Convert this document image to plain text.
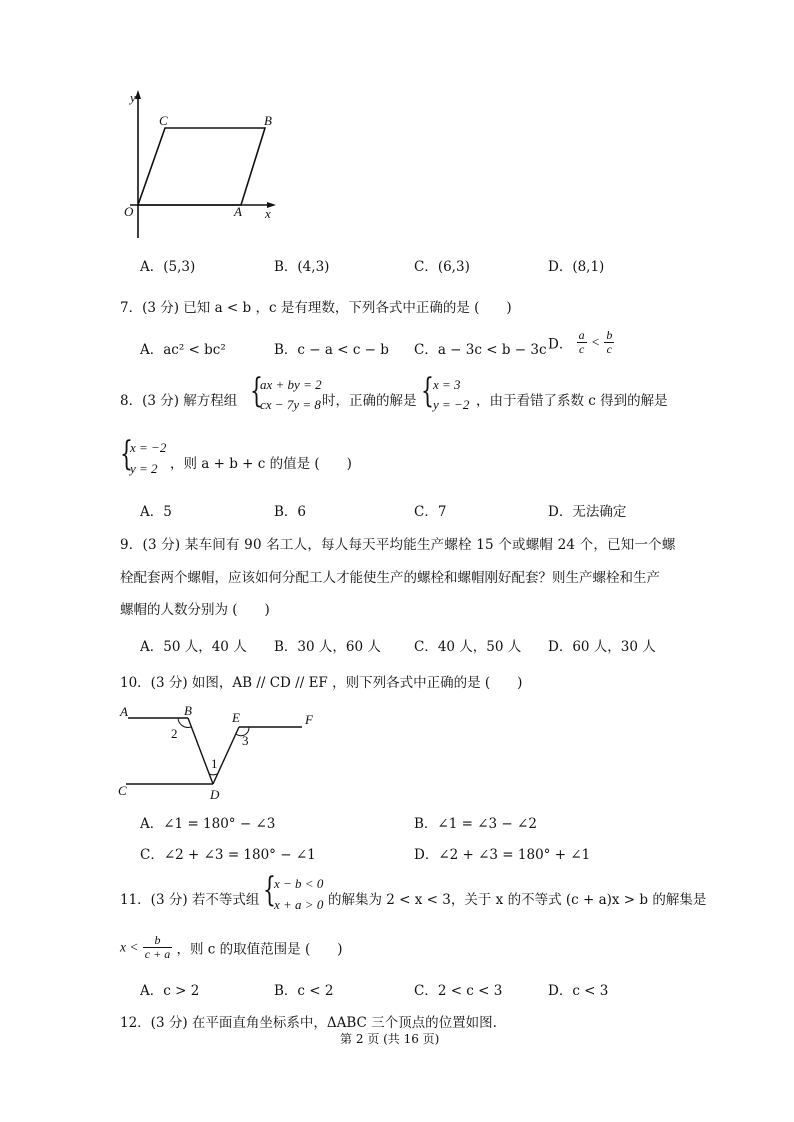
y
x
O	A
B
C
A．(5,3)	B．(4,3)	C．(6,3)	D．(8,1)
7．(3 分) 已知 a < b ，c 是有理数，下列各式中正确的是 (　　)
A．ac² < bc²	B．c − a < c − b C．a − 3c < b − 3c D． $\frac{a}{c} < \frac{b}{c}$
8．(3 分) 解方程组 {
ax + by = 2
cx − 7y = 8 时，正确的解是 { x = 3
y = −2 ，由于看错了系数 c 得到的解是
{
x = −2
y = 2 ，则 a + b + c 的值是 (　　)
A．5	B．6	C．7	D．无法确定
9．(3 分) 某车间有 90 名工人，每人每天平均能生产螺栓 15 个或螺帽 24 个，已知一个螺
栓配套两个螺帽，应该如何分配工人才能使生产的螺栓和螺帽刚好配套？则生产螺栓和生产
螺帽的人数分别为 (　　)
A．50 人，40 人 B．30 人，60 人 C．40 人，50 人 D．60 人，30 人
10．(3 分) 如图，AB // CD // EF ，则下列各式中正确的是 (　　)
A	B
C	D
E	F
1
2	3
A．∠1 = 180° − ∠3	B．∠1 = ∠3 − ∠2
C．∠2 + ∠3 = 180° − ∠1	D．∠2 + ∠3 = 180° + ∠1
11．(3 分) 若不等式组 {
x − b < 0
x + a > 0 的解集为 2 < x < 3，关于 x 的不等式 (c + a)x > b 的解集是
$x < \frac{b}{c + a}$ ，则 c 的取值范围是 (　　)
A．c > 2	B．c < 2	C．2 < c < 3	D．c < 3
12．(3 分) 在平面直角坐标系中，ΔABC 三个顶点的位置如图.
第 2 页 (共 16 页)
